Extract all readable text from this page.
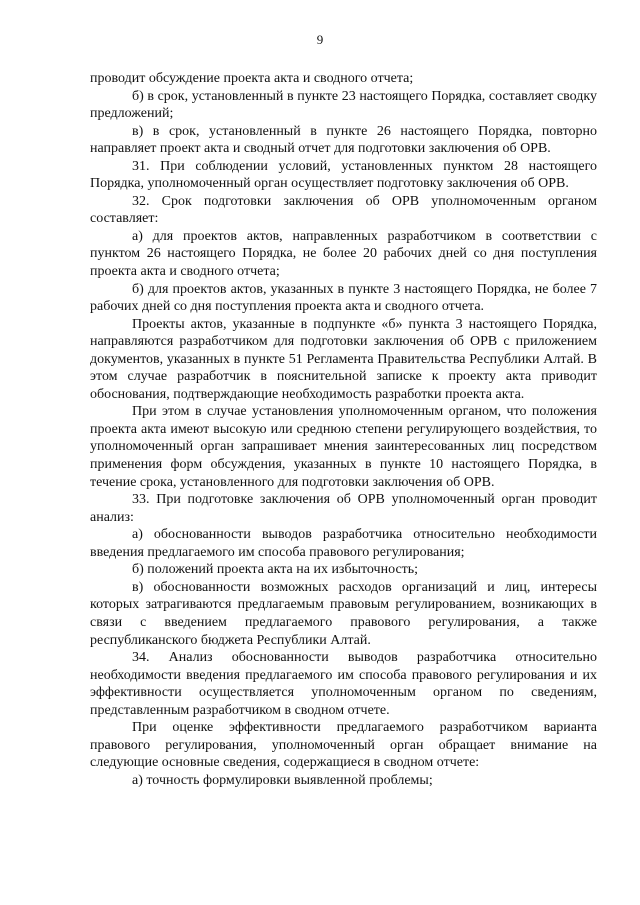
9

проводит обсуждение проекта акта и сводного отчета;

б) в срок, установленный в пункте 23 настоящего Порядка, составляет сводку предложений;

в) в срок, установленный в пункте 26 настоящего Порядка, повторно направляет проект акта и сводный отчет для подготовки заключения об ОРВ.

31. При соблюдении условий, установленных пунктом 28 настоящего Порядка, уполномоченный орган осуществляет подготовку заключения об ОРВ.

32. Срок подготовки заключения об ОРВ уполномоченным органом составляет:

а) для проектов актов, направленных разработчиком в соответствии с пунктом 26 настоящего Порядка, не более 20 рабочих дней со дня поступления проекта акта и сводного отчета;

б) для проектов актов, указанных в пункте 3 настоящего Порядка, не более 7 рабочих дней со дня поступления проекта акта и сводного отчета.

Проекты актов, указанные в подпункте «б» пункта 3 настоящего Порядка, направляются разработчиком для подготовки заключения об ОРВ с приложением документов, указанных в пункте 51 Регламента Правительства Республики Алтай. В этом случае разработчик в пояснительной записке к проекту акта приводит обоснования, подтверждающие необходимость разработки проекта акта.

При этом в случае установления уполномоченным органом, что положения проекта акта имеют высокую или среднюю степени регулирующего воздействия, то уполномоченный орган запрашивает мнения заинтересованных лиц посредством применения форм обсуждения, указанных в пункте 10 настоящего Порядка, в течение срока, установленного для подготовки заключения об ОРВ.

33. При подготовке заключения об ОРВ уполномоченный орган проводит анализ:

а) обоснованности выводов разработчика относительно необходимости введения предлагаемого им способа правового регулирования;

б) положений проекта акта на их избыточность;

в) обоснованности возможных расходов организаций и лиц, интересы которых затрагиваются предлагаемым правовым регулированием, возникающих в связи с введением предлагаемого правового регулирования, а также республиканского бюджета Республики Алтай.

34. Анализ обоснованности выводов разработчика относительно необходимости введения предлагаемого им способа правового регулирования и их эффективности осуществляется уполномоченным органом по сведениям, представленным разработчиком в сводном отчете.

При оценке эффективности предлагаемого разработчиком варианта правового регулирования, уполномоченный орган обращает внимание на следующие основные сведения, содержащиеся в сводном отчете:

а) точность формулировки выявленной проблемы;
